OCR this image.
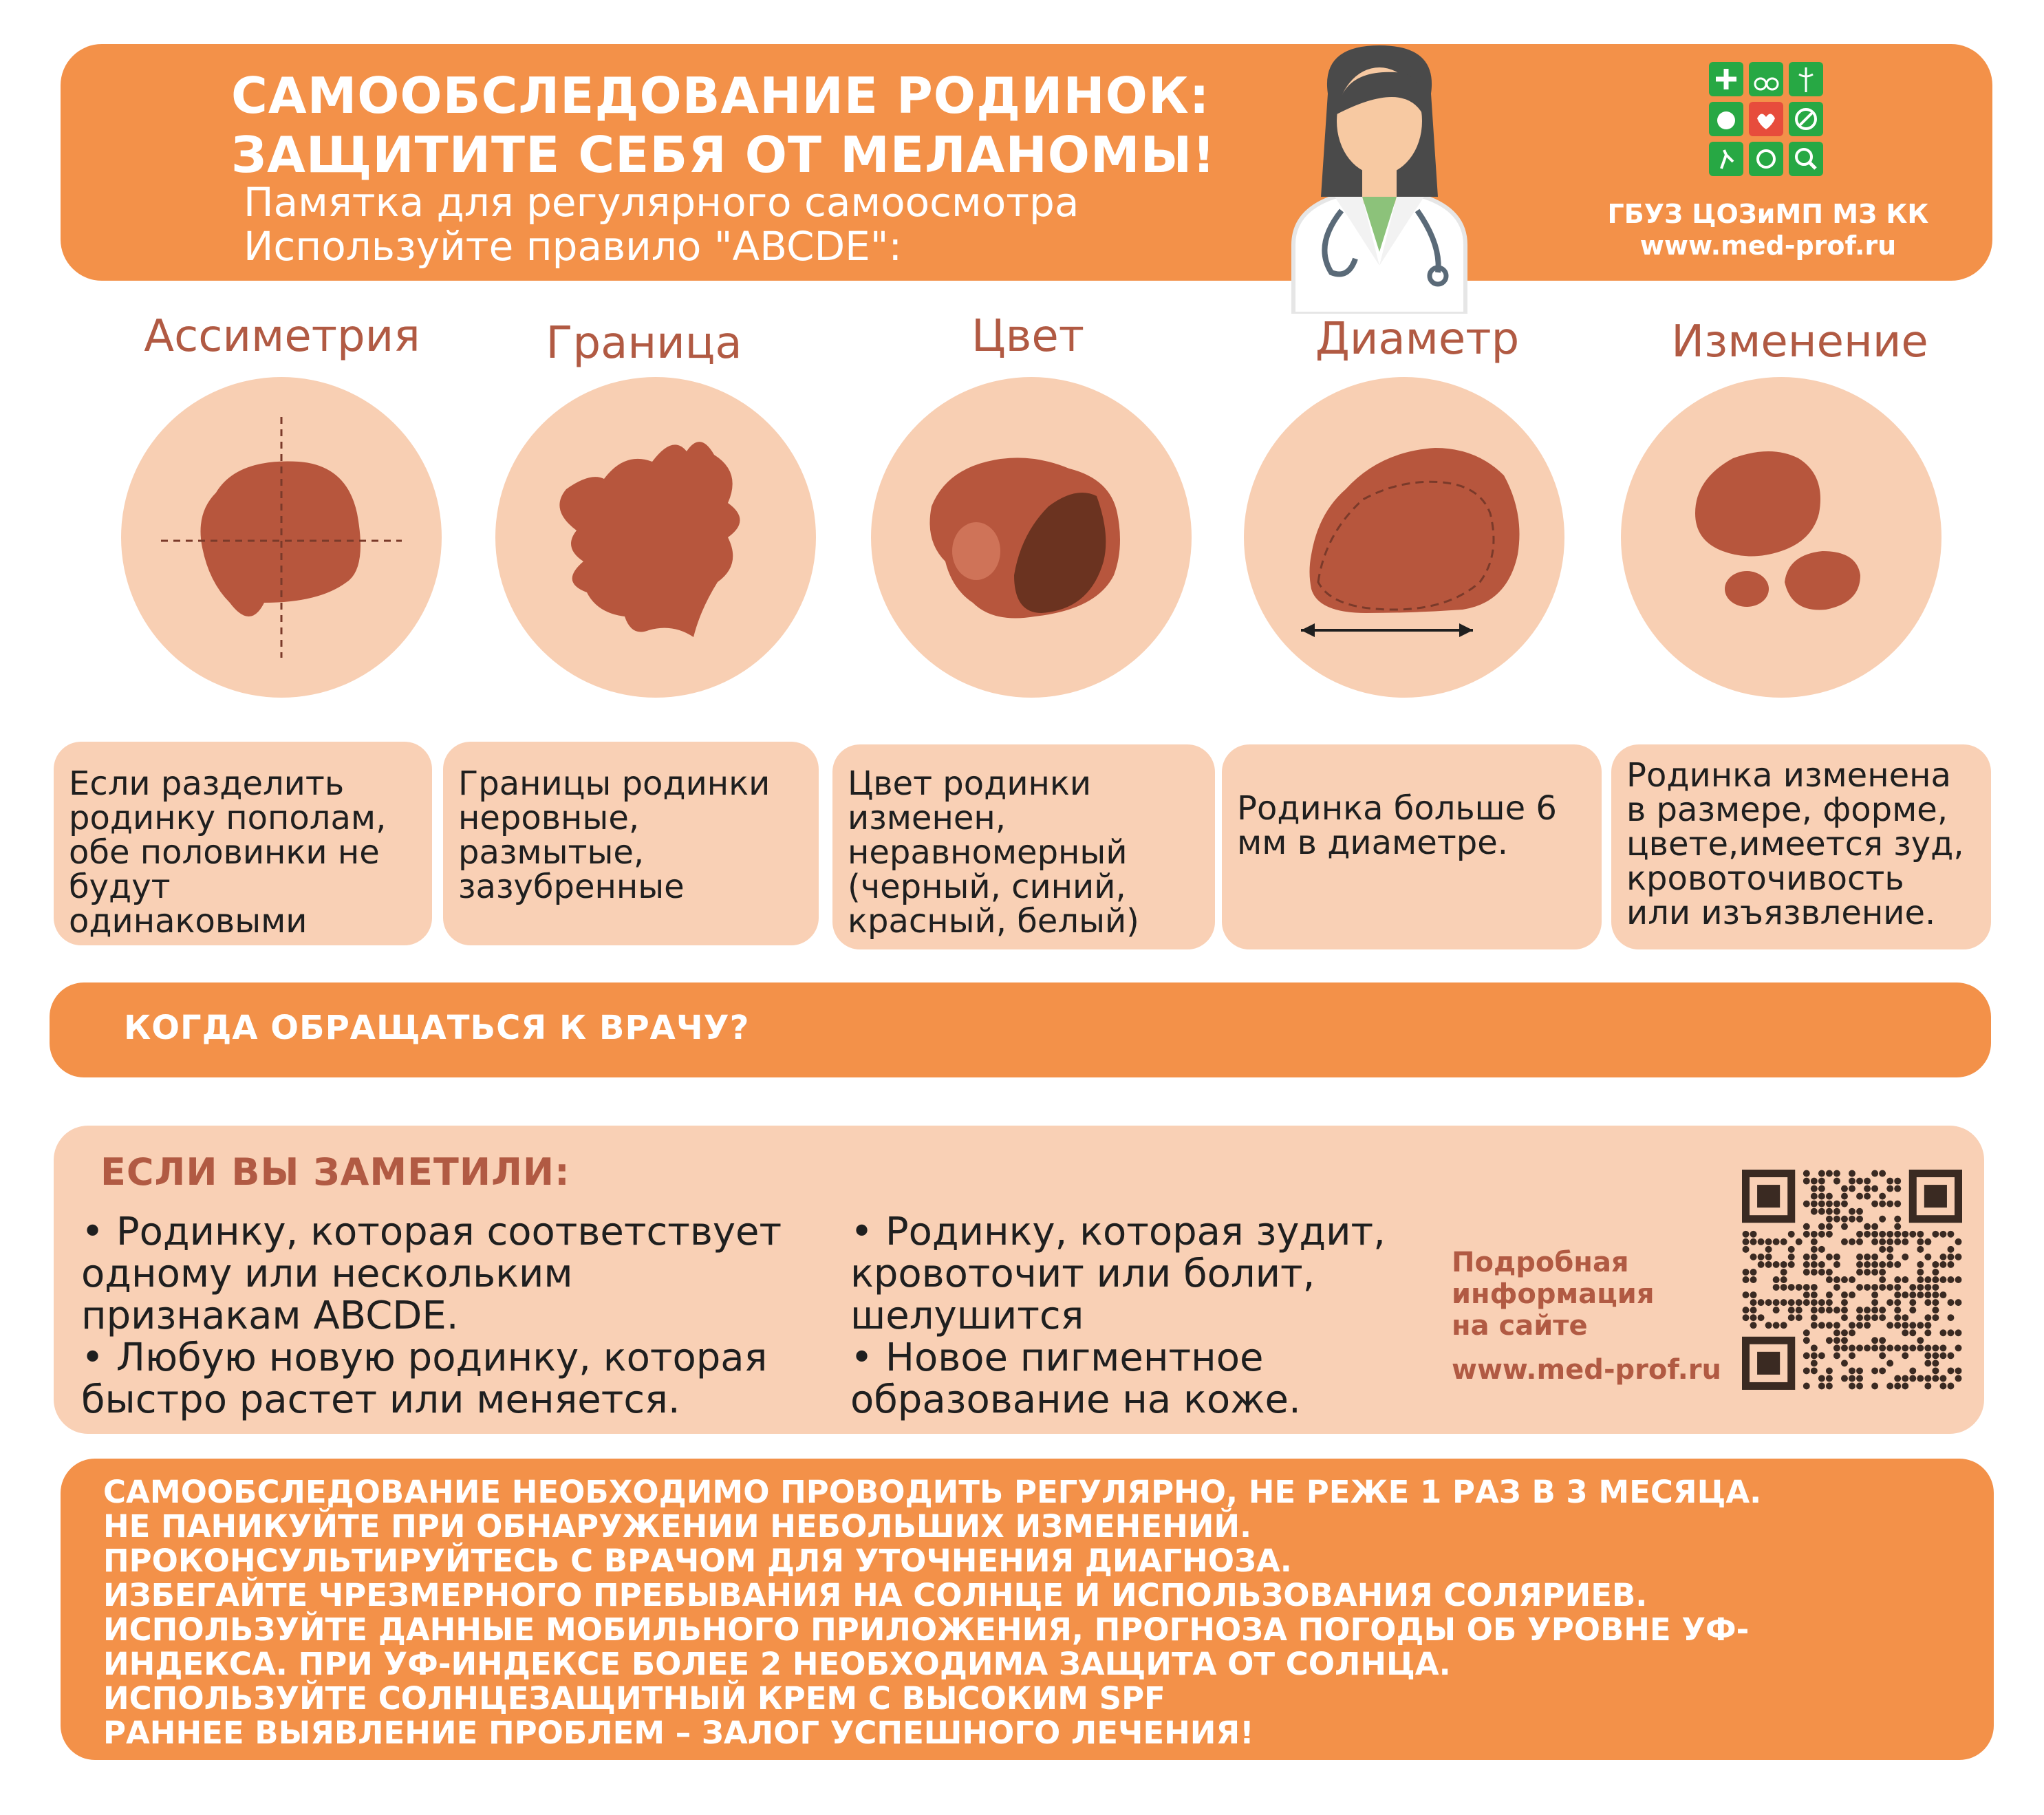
САМООБСЛЕДОВАНИЕ РОДИНОК:
ЗАЩИТИТЕ СЕБЯ ОТ МЕЛАНОМЫ!
Памятка для регулярного самоосмотра
Используйте правило "ABCDE":
ГБУЗ ЦОЗиМП МЗ КК
www.med-prof.ru
Ассиметрия	Граница	Цвет	Диаметр	Изменение
Если разделить
родинку пополам,
обе половинки не
будут одинаковыми
Границы родинки
неровные,
размытые,
зазубренные
Цвет родинки
изменен,
неравномерный
(черный, синий,
красный, белый)
Родинка больше 6
мм в диаметре.
Родинка изменена
в размере, форме,
цвете,имеется зуд,
кровоточивость
или изъязвление.
КОГДА ОБРАЩАТЬСЯ К ВРАЧУ?
ЕСЛИ ВЫ ЗАМЕТИЛИ:
• Родинку, которая соответствует
одному или нескольким
признакам ABCDE.
• Любую новую родинку, которая
быстро растет или меняется.
• Родинку, которая зудит,
кровоточит или болит,
шелушится
• Новое пигментное
образование на коже.
Подробная
информация
на сайте
www.med-prof.ru
САМООБСЛЕДОВАНИЕ НЕОБХОДИМО ПРОВОДИТЬ РЕГУЛЯРНО, НЕ РЕЖЕ 1 РАЗ В 3 МЕСЯЦА.
НЕ ПАНИКУЙТЕ ПРИ ОБНАРУЖЕНИИ НЕБОЛЬШИХ ИЗМЕНЕНИЙ.
ПРОКОНСУЛЬТИРУЙТЕСЬ С ВРАЧОМ ДЛЯ УТОЧНЕНИЯ ДИАГНОЗА.
ИЗБЕГАЙТЕ ЧРЕЗМЕРНОГО ПРЕБЫВАНИЯ НА СОЛНЦЕ И ИСПОЛЬЗОВАНИЯ СОЛЯРИЕВ.
ИСПОЛЬЗУЙТЕ ДАННЫЕ МОБИЛЬНОГО ПРИЛОЖЕНИЯ, ПРОГНОЗА ПОГОДЫ ОБ УРОВНЕ УФ-
ИНДЕКСА. ПРИ УФ-ИНДЕКСЕ БОЛЕЕ 2 НЕОБХОДИМА ЗАЩИТА ОТ СОЛНЦА.
ИСПОЛЬЗУЙТЕ СОЛНЦЕЗАЩИТНЫЙ КРЕМ С ВЫСОКИМ SPF
РАННЕЕ ВЫЯВЛЕНИЕ ПРОБЛЕМ – ЗАЛОГ УСПЕШНОГО ЛЕЧЕНИЯ!
